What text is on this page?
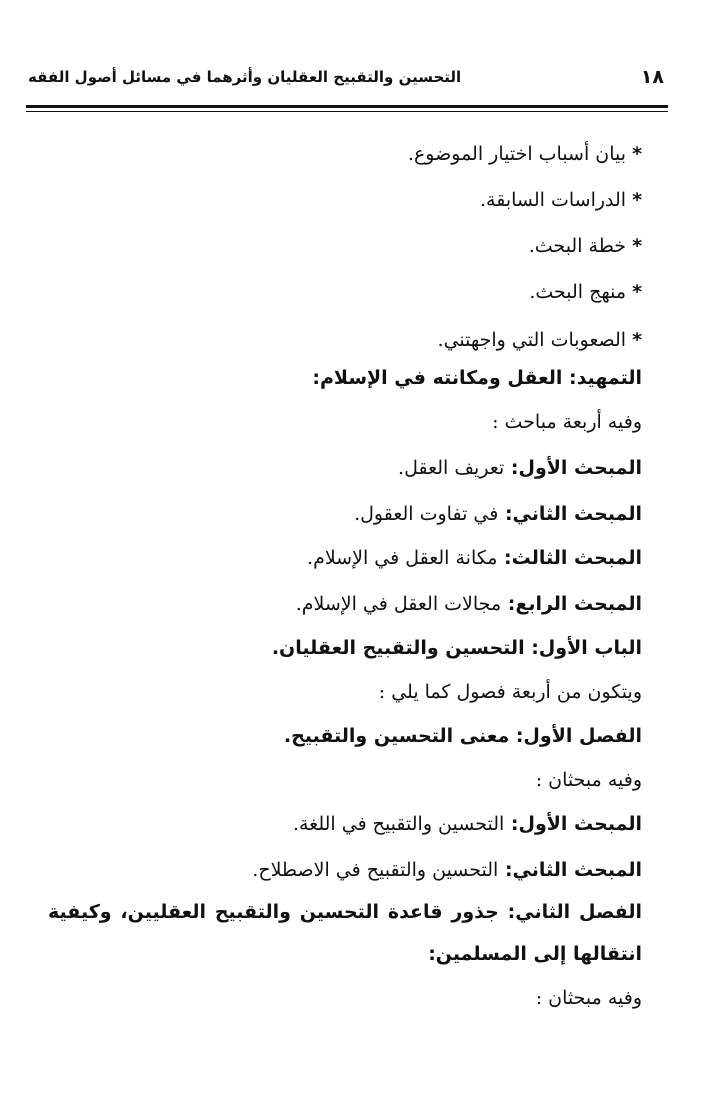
١٨
التحسين والتقبيح العقليان وأثرهما في مسائل أصول الفقه
*بيان أسباب اختيار الموضوع.
*الدراسات السابقة.
*خطة البحث.
*منهج البحث.
*الصعوبات التي واجهتني.
التمهيد: العقل ومكانته في الإسلام:
وفيه أربعة مباحث :
المبحث الأول: تعريف العقل.
المبحث الثاني: في تفاوت العقول.
المبحث الثالث: مكانة العقل في الإسلام.
المبحث الرابع: مجالات العقل في الإسلام.
الباب الأول: التحسين والتقبيح العقليان.
ويتكون من أربعة فصول كما يلي :
الفصل الأول: معنى التحسين والتقبيح.
وفيه مبحثان :
المبحث الأول: التحسين والتقبيح في اللغة.
المبحث الثاني: التحسين والتقبيح في الاصطلاح.
الفصل الثاني: جذور قاعدة التحسين والتقبيح العقليين، وكيفية
انتقالها إلى المسلمين:
وفيه مبحثان :
